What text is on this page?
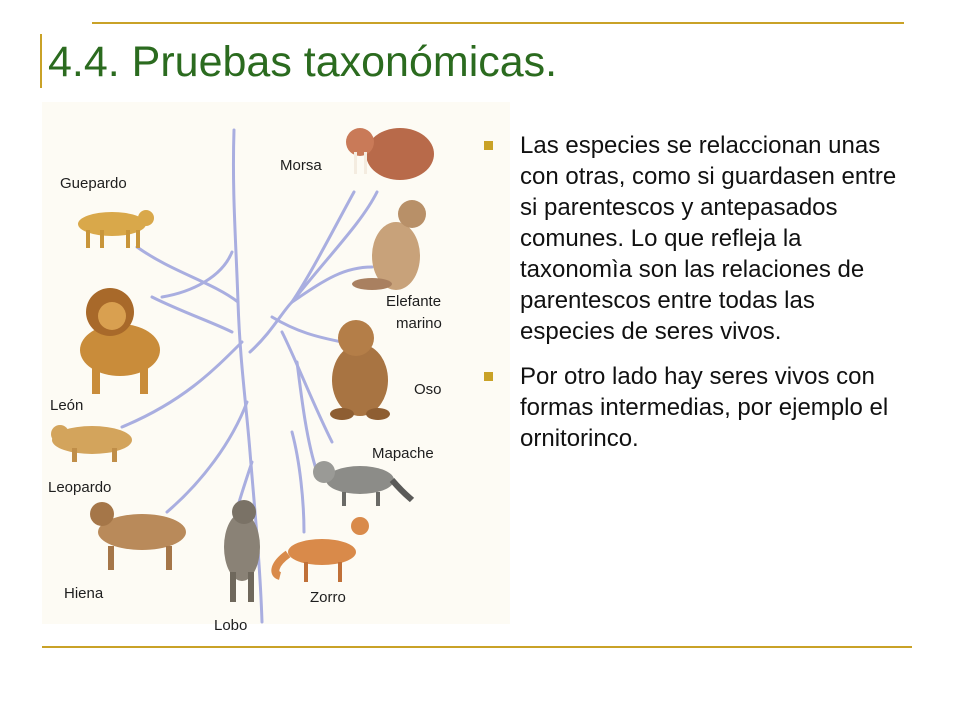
4.4. Pruebas taxonómicas.
Guepardo
León
Leopardo
Hiena
Lobo
Zorro
Mapache
Oso
Elefante
marino
Morsa
Las especies se relaccionan unas con otras, como si guardasen entre si parentescos y antepasados comunes. Lo que refleja la taxonomìa son las relaciones de parentescos entre todas las especies de seres vivos.
Por otro lado hay seres vivos con formas intermedias, por ejemplo el ornitorinco.
